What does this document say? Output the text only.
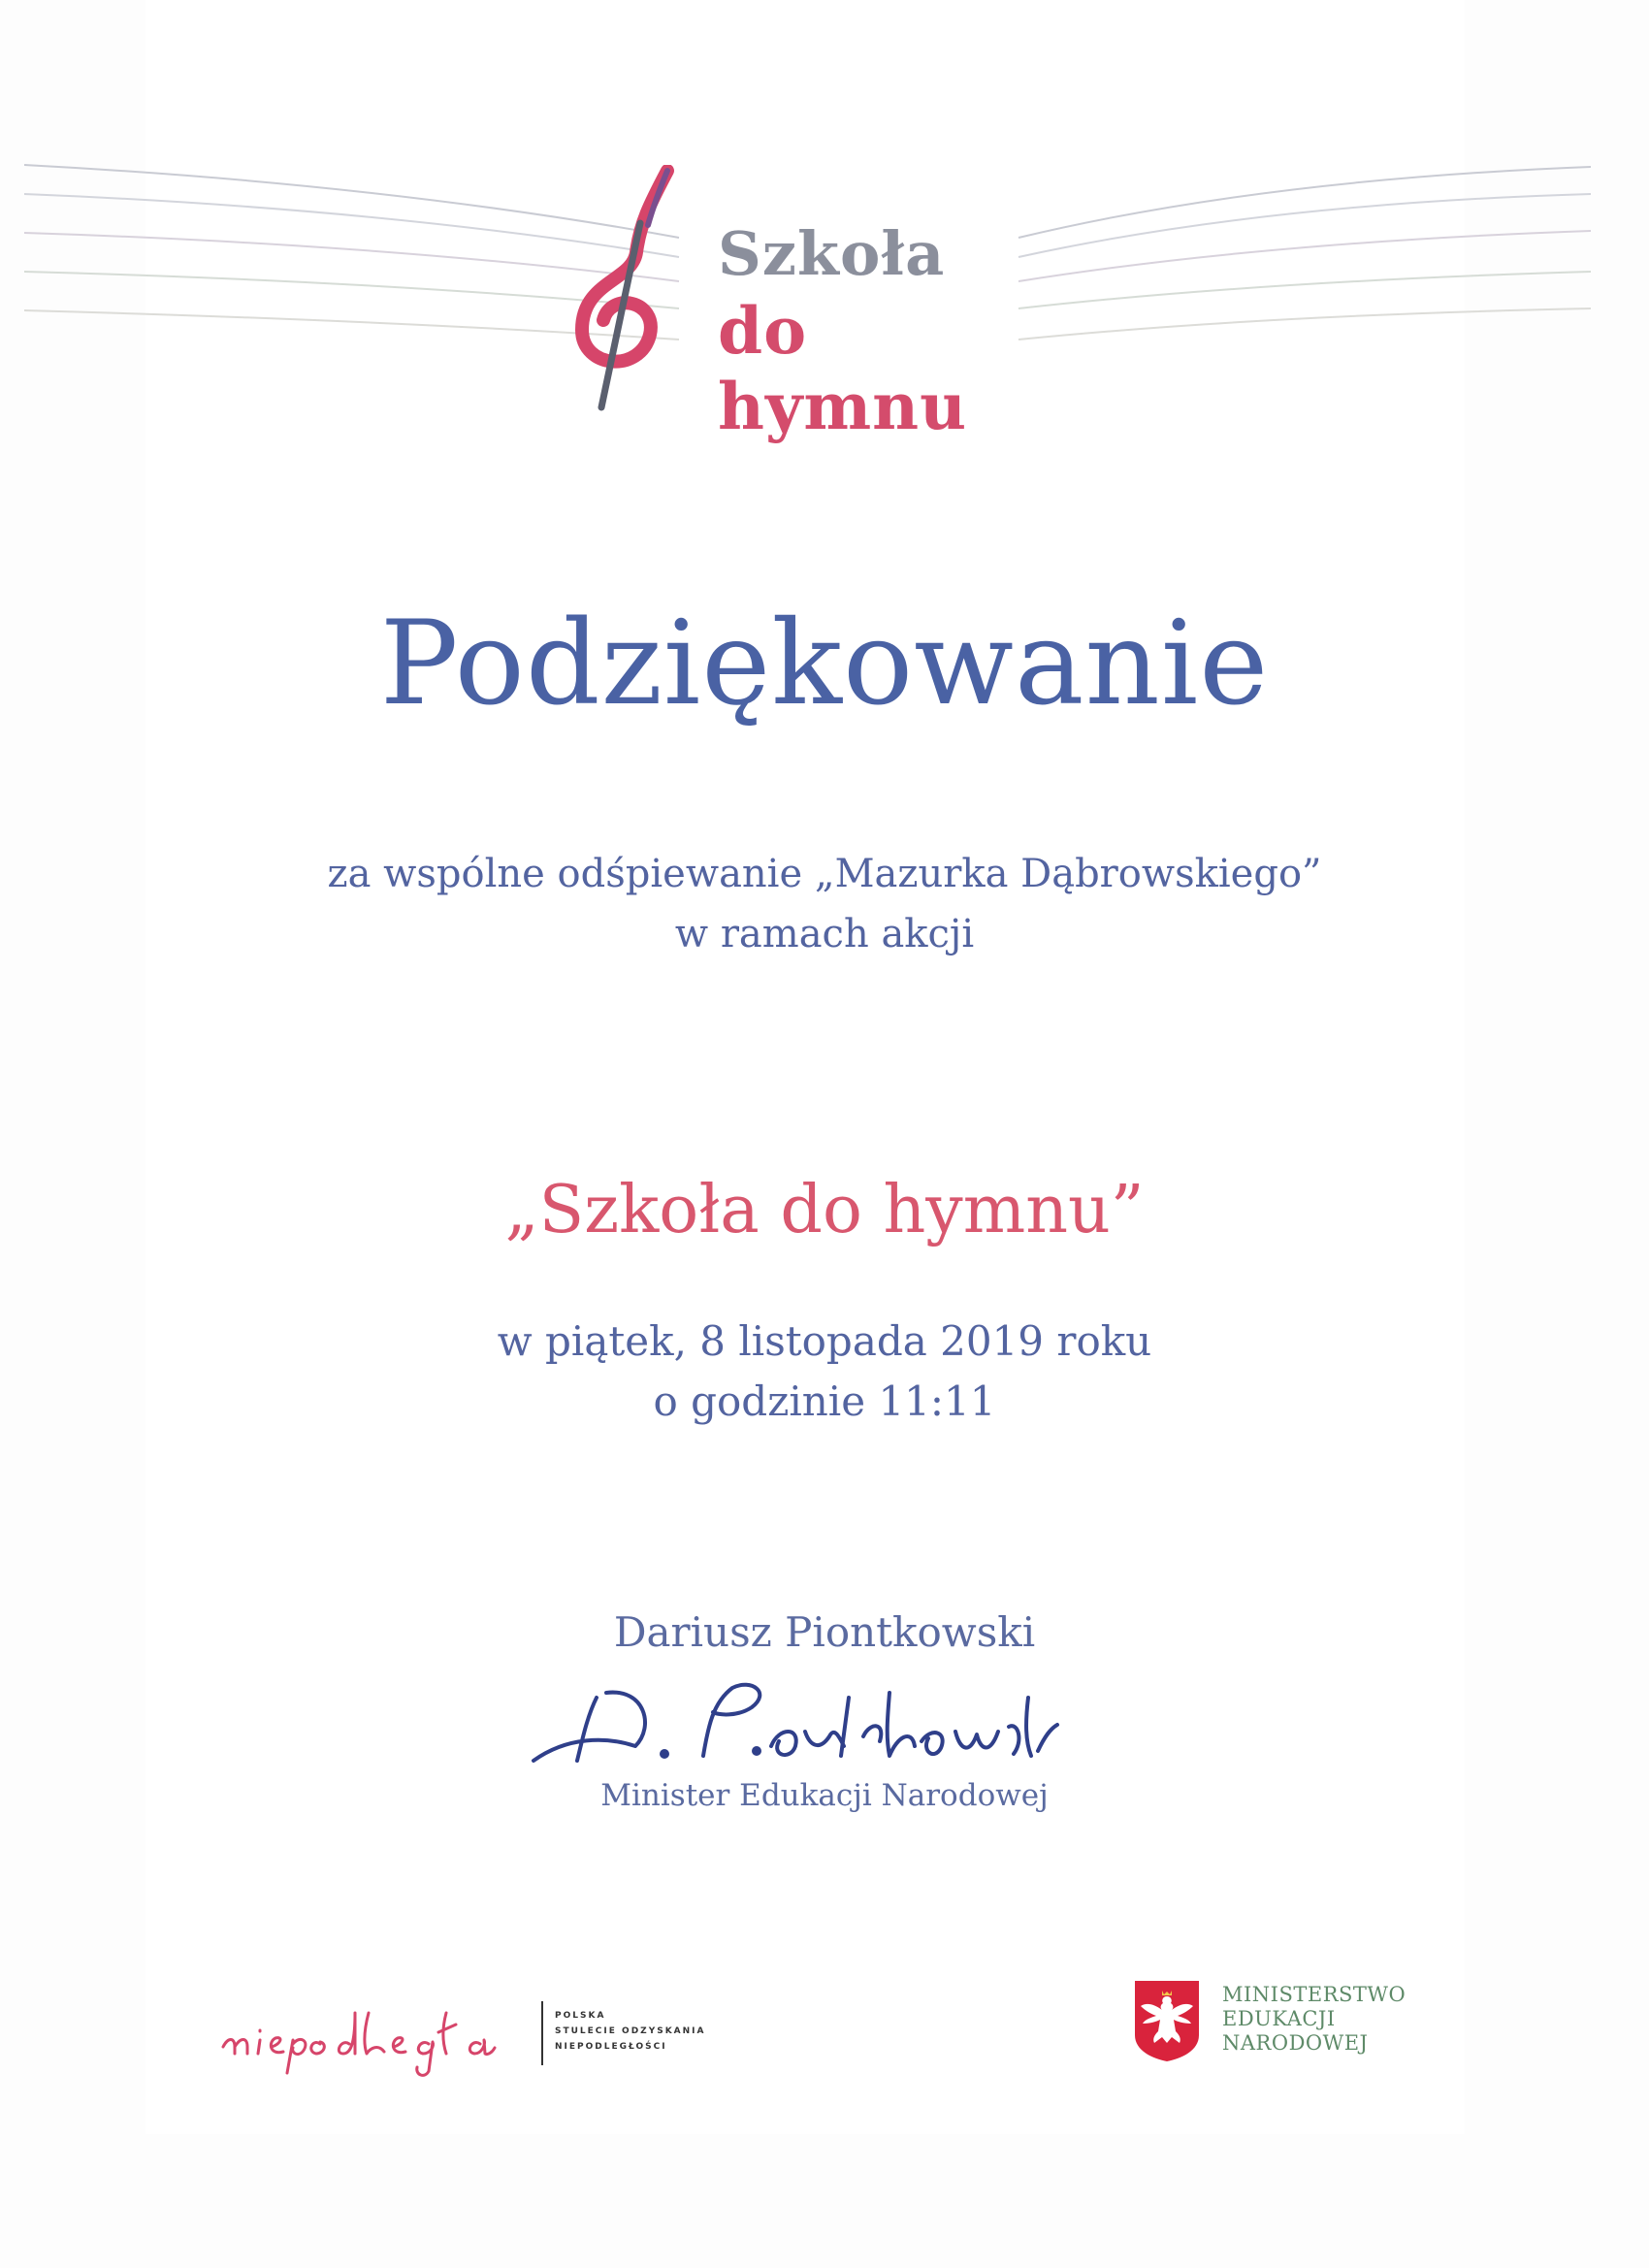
Szkoła
do hymnu
Podziękowanie
za wspólne odśpiewanie „Mazurka Dąbrowskiego”
w ramach akcji
„Szkoła do hymnu”
w piątek, 8 listopada 2019 roku
o godzinie 11:11
Dariusz Piontkowski
Minister Edukacji Narodowej
POLSKA
STULECIE ODZYSKANIA
NIEPODLEGŁOŚCI
MINISTERSTWO
EDUKACJI
NARODOWEJ
